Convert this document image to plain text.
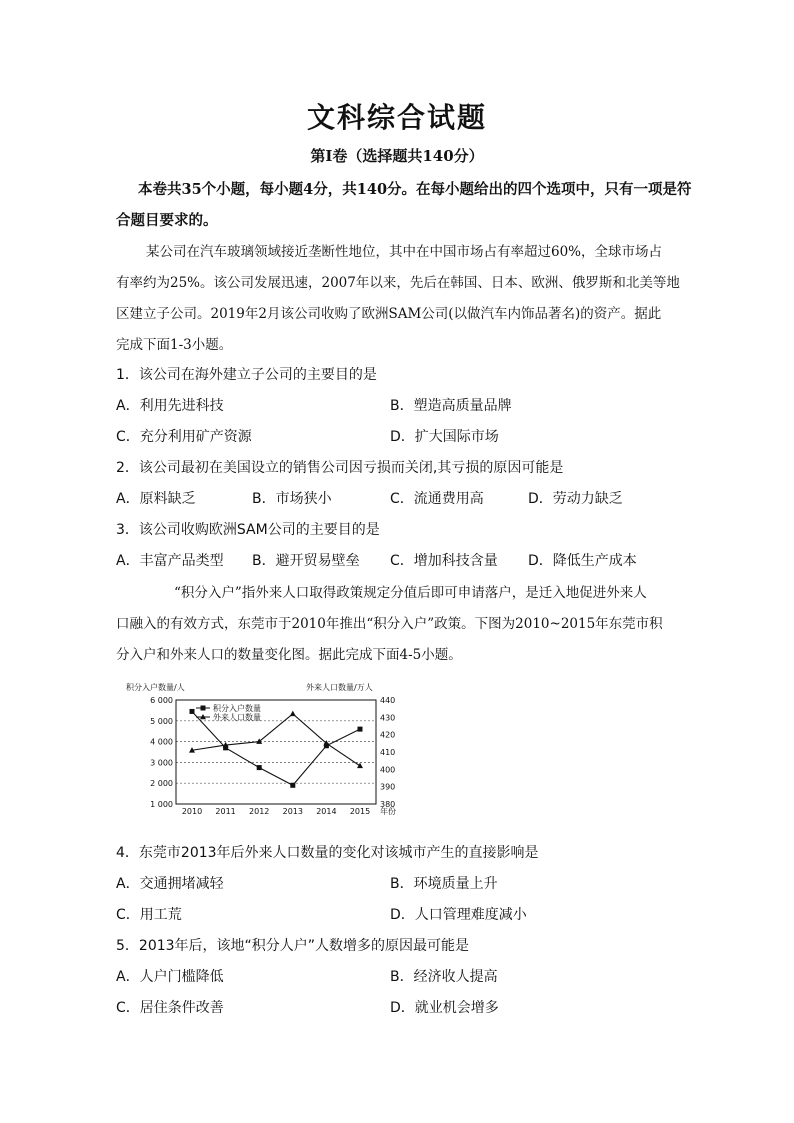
文科综合试题
第Ⅰ卷（选择题共140分）
本卷共35个小题，每小题4分，共140分。在每小题给出的四个选项中，只有一项是符
合题目要求的。
某公司在汽车玻璃领域接近垄断性地位，其中在中国市场占有率超过60%，全球市场占
有率约为25%。该公司发展迅速，2007年以来，先后在韩国、日本、欧洲、俄罗斯和北美等地
区建立子公司。2019年2月该公司收购了欧洲SAM公司(以做汽车内饰品著名)的资产。据此
完成下面1-3小题。
1．该公司在海外建立子公司的主要目的是
A．利用先进科技	B．塑造高质量品牌
C．充分利用矿产资源	D．扩大国际市场
2．该公司最初在美国设立的销售公司因亏损而关闭,其亏损的原因可能是
A．原料缺乏	B．市场狭小	C．流通费用高	D．劳动力缺乏
3．该公司收购欧洲SAM公司的主要目的是
A．丰富产品类型 B．避开贸易壁垒 C．增加科技含量 D．降低生产成本
“积分入户”指外来人口取得政策规定分值后即可申请落户，是迁入地促进外来人
口融入的有效方式，东莞市于2010年推出“积分入户”政策。下图为2010~2015年东莞市积
分入户和外来人口的数量变化图。据此完成下面4-5小题。
积分入户数量/人	外来人口数量/万人
1 000
2 000
3 000
4 000
5 000
6 000
380
390
400
410
420
430
440
2010 2011 2012 2013 2014 2015 年份
积分入户数量
外来人口数量
4．东莞市2013年后外来人口数量的变化对该城市产生的直接影响是
A．交通拥堵减轻	B．环境质量上升
C．用工荒	D．人口管理难度减小
5．2013年后，该地“积分人户”人数增多的原因最可能是
A．人户门槛降低	B．经济收人提高
C．居住条件改善	D．就业机会增多
